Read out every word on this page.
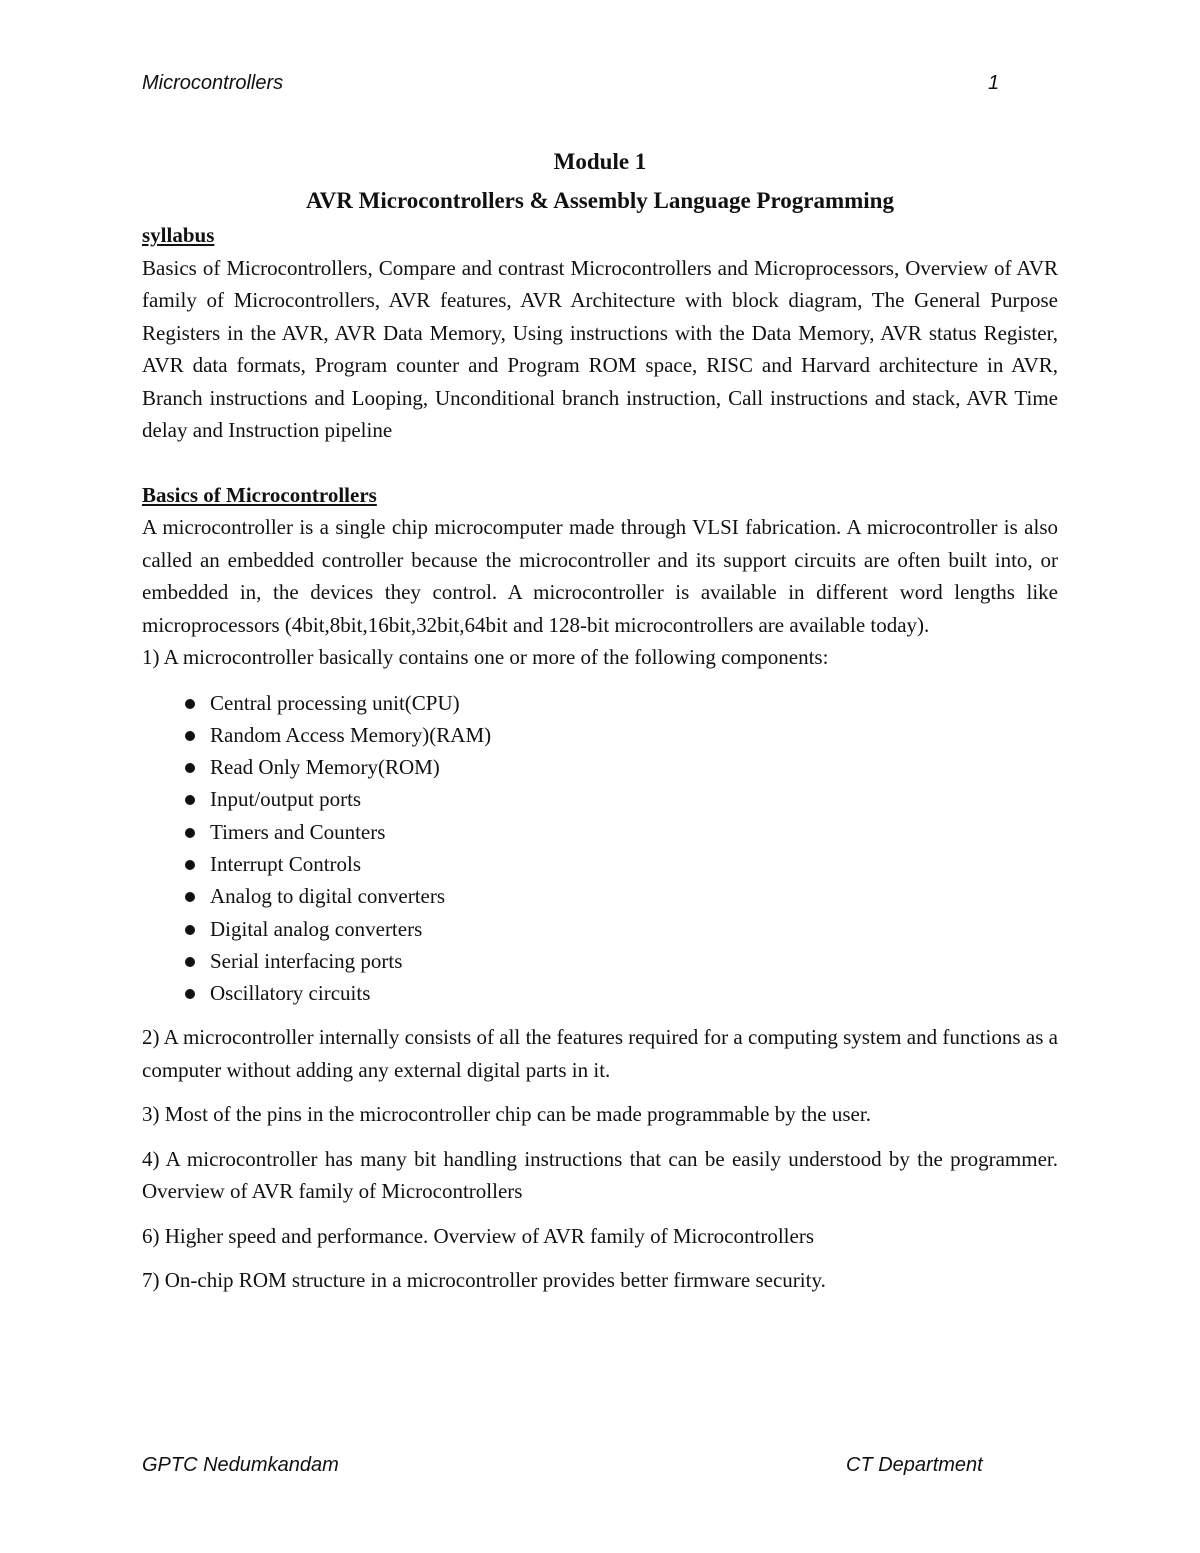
Microcontrollers	1

Module 1

AVR Microcontrollers & Assembly Language Programming

syllabus

Basics of Microcontrollers, Compare and contrast Microcontrollers and Microprocessors, Overview of AVR family of Microcontrollers, AVR features, AVR Architecture with block diagram, The General Purpose Registers in the AVR, AVR Data Memory, Using instructions with the Data Memory, AVR status Register, AVR data formats, Program counter and Program ROM space, RISC and Harvard architecture in AVR, Branch instructions and Looping, Unconditional branch instruction, Call instructions and stack, AVR Time delay and Instruction pipeline

Basics of Microcontrollers

A microcontroller is a single chip microcomputer made through VLSI fabrication. A microcontroller is also called an embedded controller because the microcontroller and its support circuits are often built into, or embedded in, the devices they control. A microcontroller is available in different word lengths like microprocessors (4bit,8bit,16bit,32bit,64bit and 128-bit microcontrollers are available today).

1) A microcontroller basically contains one or more of the following components:

Central processing unit(CPU)
Random Access Memory)(RAM)
Read Only Memory(ROM)
Input/output ports
Timers and Counters
Interrupt Controls
Analog to digital converters
Digital analog converters
Serial interfacing ports
Oscillatory circuits

2) A microcontroller internally consists of all the features required for a computing system and functions as a computer without adding any external digital parts in it.

3) Most of the pins in the microcontroller chip can be made programmable by the user.

4) A microcontroller has many bit handling instructions that can be easily understood by the programmer. Overview of AVR family of Microcontrollers

6) Higher speed and performance. Overview of AVR family of Microcontrollers

7) On-chip ROM structure in a microcontroller provides better firmware security.

GPTC Nedumkandam	CT Department
